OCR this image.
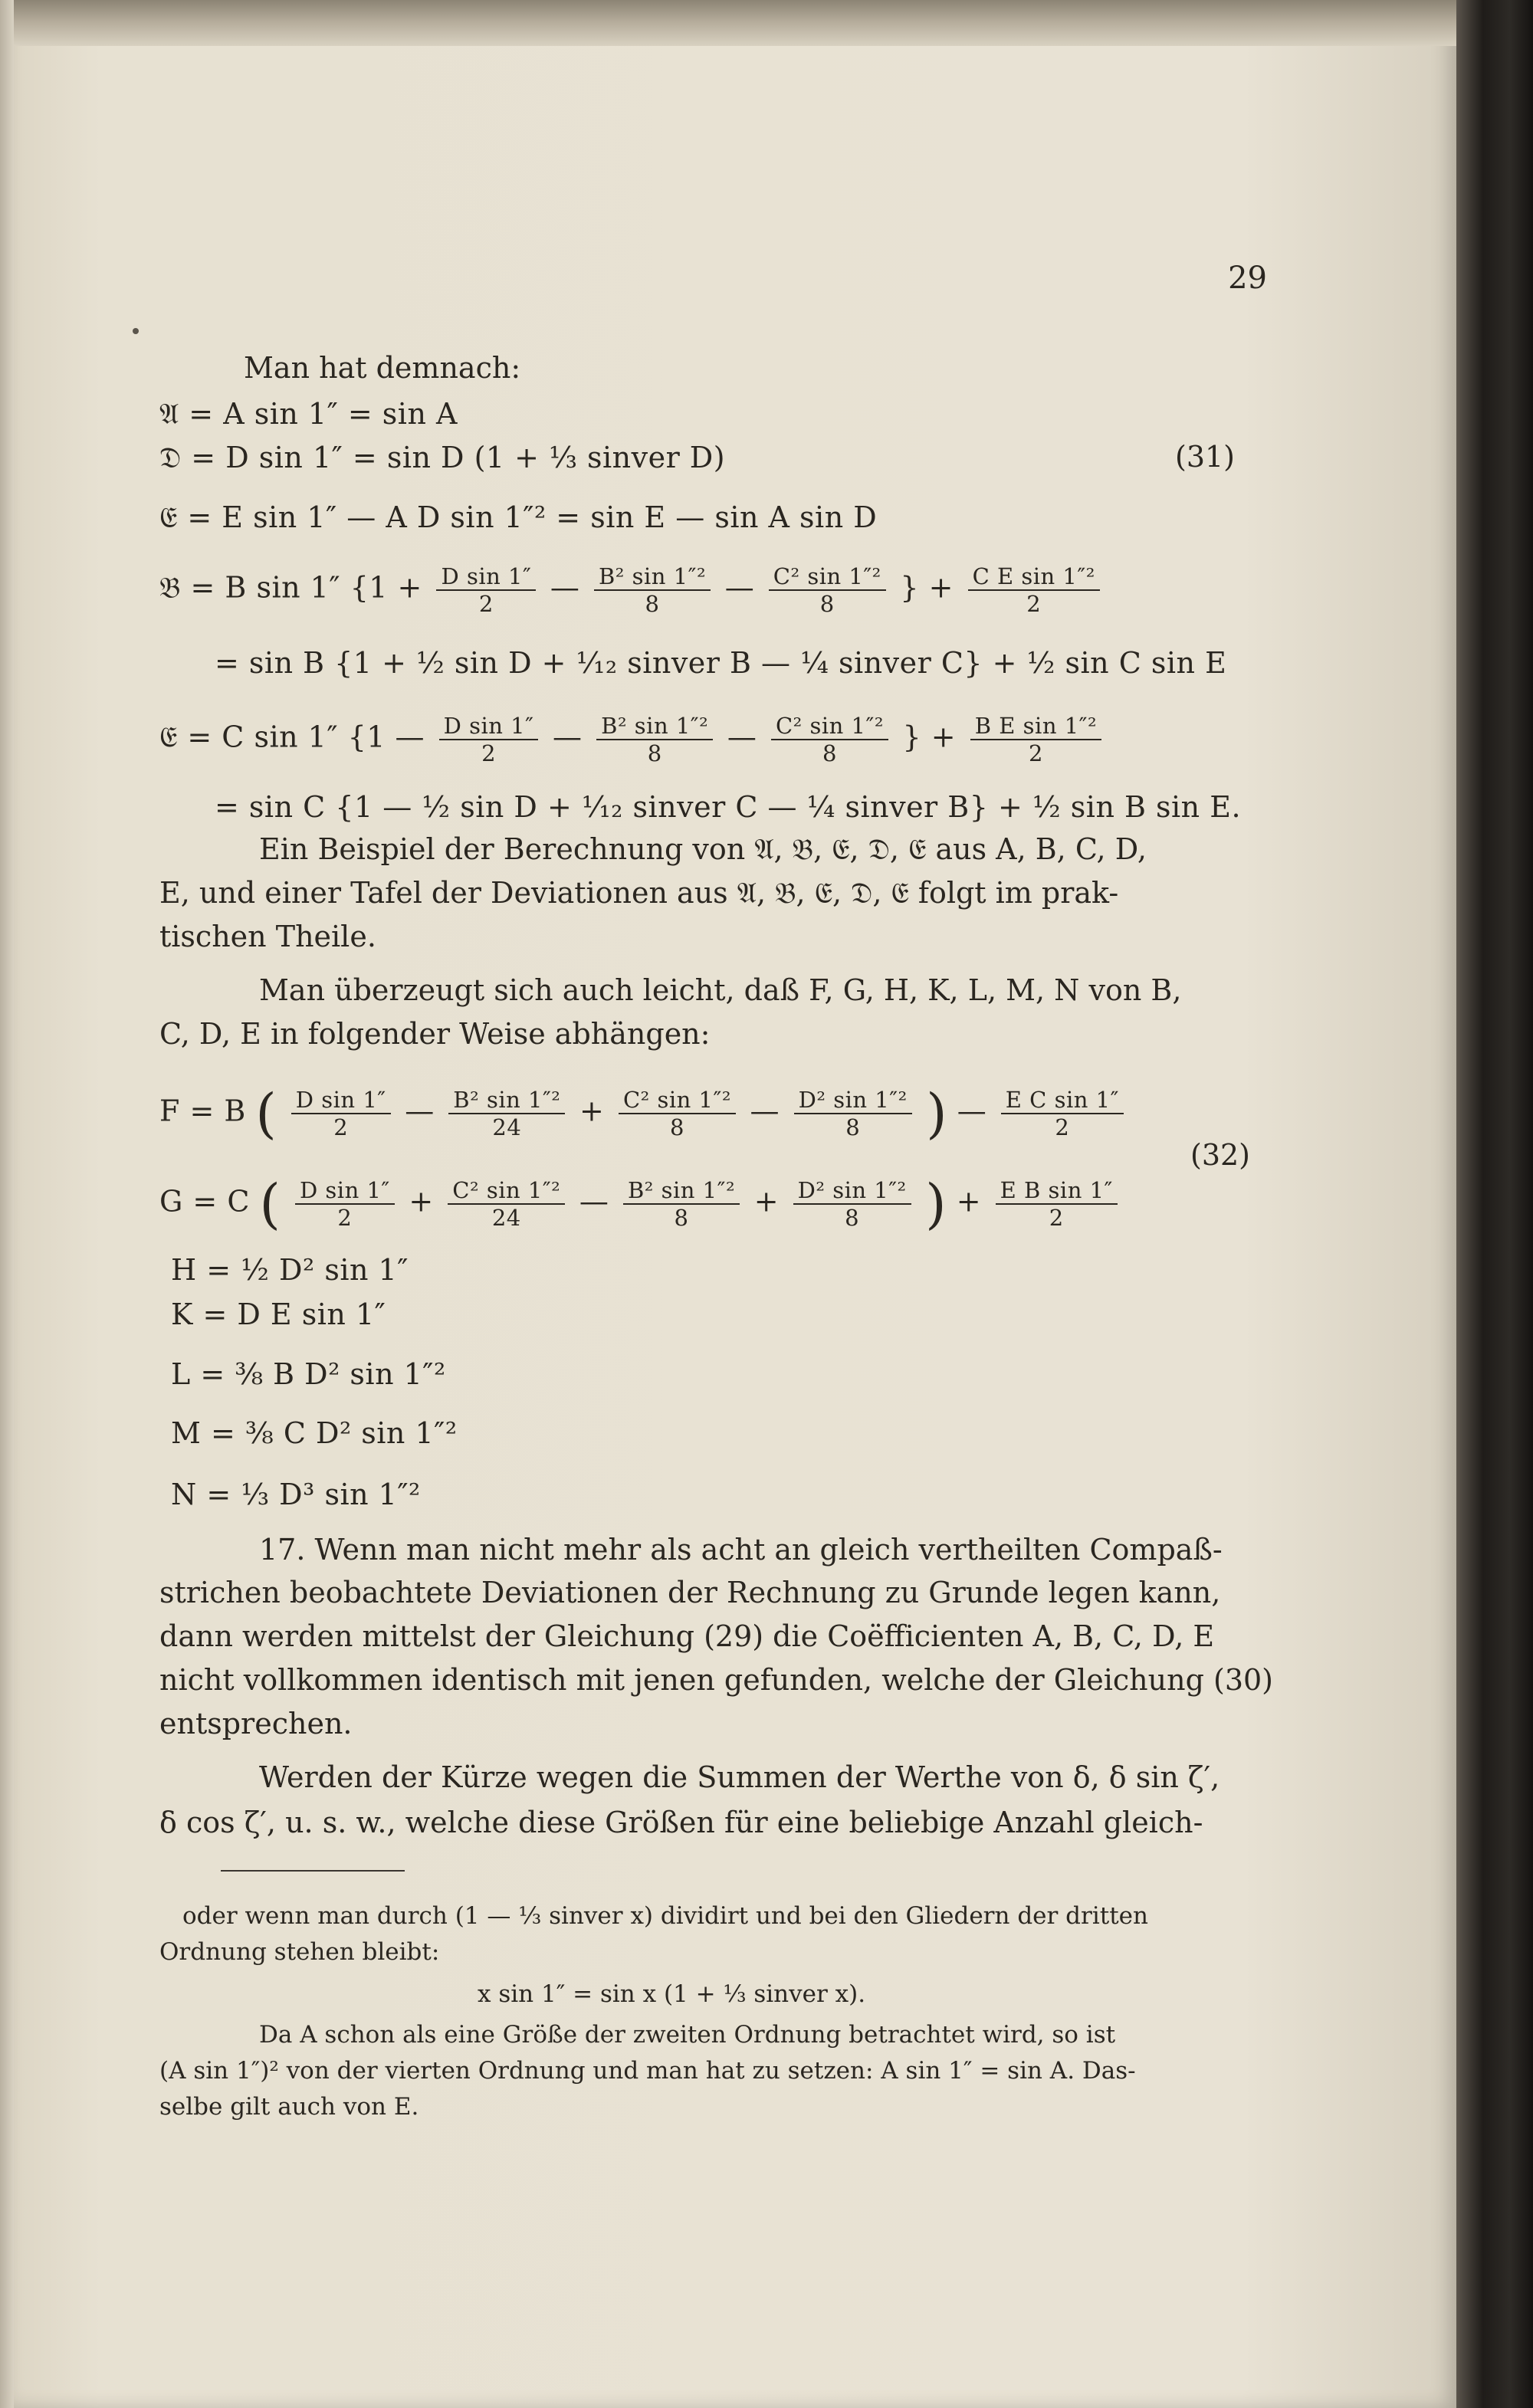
29
Man hat demnach:
𝔄 = A sin 1″ = sin A
𝔇 = D sin 1″ = sin D (1 + ⅓ sinver D)	(31)
𝔈 = E sin 1″ — A D sin 1″² = sin E — sin A sin D
𝔅 = B sin 1″ {$1 + \frac{\text{D sin 1″}}{2}$ — $\frac{\text{B² sin 1″²}}{8}$ — $\frac{\text{C² sin 1″²}}{8}$ } + $\frac{\text{C E sin 1″²}}{2}$
= sin B {1 + ½ sin D + ¹⁄₁₂ sinver B — ¼ sinver C} + ½ sin C sin E
𝔈 = C sin 1″ {1 — $\frac{\text{D sin 1″}}{2}$ — $\frac{\text{B² sin 1″²}}{8}$ — $\frac{\text{C² sin 1″²}}{8}$ } + $\frac{\text{B E sin 1″²}}{2}$
= sin C {1 — ½ sin D + ¹⁄₁₂ sinver C — ¼ sinver B} + ½ sin B sin E.
Ein Beispiel der Berechnung von 𝔄, 𝔅, 𝔈, 𝔇, 𝔈 aus A, B, C, D,
E, und einer Tafel der Deviationen aus 𝔄, 𝔅, 𝔈, 𝔇, 𝔈 folgt im prak-
tischen Theile.
Man überzeugt sich auch leicht, daß F, G, H, K, L, M, N von B,
C, D, E in folgender Weise abhängen:
F = B ( $\frac{\text{D sin 1″}}{2}$ — $\frac{\text{B² sin 1″²}}{24} + \frac{\text{C² sin 1″²}}{8}$ — $\frac{\text{D² sin 1″²}}{8}$ ) — $\frac{\text{E C sin 1″}}{2}$
(32)
G = C ( $\frac{\text{D sin 1″}}{2} + \frac{\text{C² sin 1″²}}{24}$ — $\frac{\text{B² sin 1″²}}{8} + \frac{\text{D² sin 1″²}}{8}$ ) + $\frac{\text{E B sin 1″}}{2}$
H = ½ D² sin 1″
K = D E sin 1″
L = ⅜ B D² sin 1″²
M = ⅜ C D² sin 1″²
N = ⅓ D³ sin 1″²
17. Wenn man nicht mehr als acht an gleich vertheilten Compaß-
strichen beobachtete Deviationen der Rechnung zu Grunde legen kann,
dann werden mittelst der Gleichung (29) die Coëfficienten A, B, C, D, E
nicht vollkommen identisch mit jenen gefunden, welche der Gleichung (30)
entsprechen.
Werden der Kürze wegen die Summen der Werthe von δ, δ sin ζ′,
δ cos ζ′, u. s. w., welche diese Größen für eine beliebige Anzahl gleich-
oder wenn man durch (1 — ⅓ sinver x) dividirt und bei den Gliedern der dritten
Ordnung stehen bleibt:
x sin 1″ = sin x (1 + ⅓ sinver x).
Da A schon als eine Größe der zweiten Ordnung betrachtet wird, so ist
(A sin 1″)² von der vierten Ordnung und man hat zu setzen: A sin 1″ = sin A. Das-
selbe gilt auch von E.
